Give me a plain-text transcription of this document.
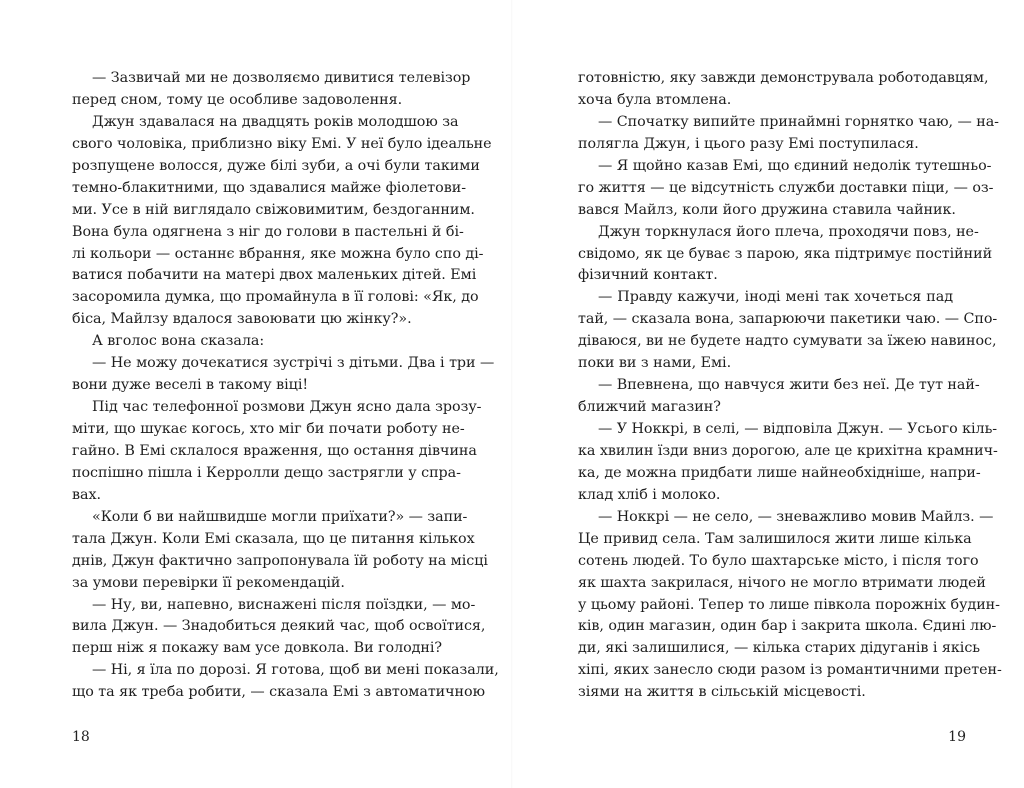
— Зазвичай ми не дозволяємо дивитися телевізор
перед сном, тому це особливе задоволення.
Джун здавалася на двадцять років молодшою за
свого чоловіка, приблизно віку Емі. У неї було ідеальне
розпущене волосся, дуже білі зуби, а очі були такими
темно-блакитними, що здавалися майже фіолетови-
ми. Усе в ній виглядало свіжовимитим, бездоганним.
Вона була одягнена з ніг до голови в пастельні й бі-
лі кольори — останнє вбрання, яке можна було спо ді-
ватися побачити на матері двох маленьких дітей. Емі
засоромила думка, що промайнула в її голові: «Як, до
біса, Майлзу вдалося завоювати цю жінку?».
А вголос вона сказала:
— Не можу дочекатися зустрічі з дітьми. Два і три —
вони дуже веселі в такому віці!
Під час телефонної розмови Джун ясно дала зрозу-
міти, що шукає когось, хто міг би почати роботу не-
гайно. В Емі склалося враження, що остання дівчина
поспішно пішла і Керролли дещо застрягли у спра-
вах.
«Коли б ви найшвидше могли приїхати?» — запи-
тала Джун. Коли Емі сказала, що це питання кількох
днів, Джун фактично запропонувала їй роботу на місці
за умови перевірки її рекомендацій.
— Ну, ви, напевно, виснажені після поїздки, — мо-
вила Джун. — Знадобиться деякий час, щоб освоїтися,
перш ніж я покажу вам усе довкола. Ви голодні?
— Ні, я їла по дорозі. Я готова, щоб ви мені показали,
що та як треба робити, — сказала Емі з автоматичною
18
готовністю, яку завжди демонструвала роботодавцям,
хоча була втомлена.
— Спочатку випийте принаймні горнятко чаю, — на-
полягла Джун, і цього разу Емі поступилася.
— Я щойно казав Емі, що єдиний недолік тутешньо-
го життя — це відсутність служби доставки піци, — оз-
вався Майлз, коли його дружина ставила чайник.
Джун торкнулася його плеча, проходячи повз, не-
свідомо, як це буває з парою, яка підтримує постійний
фізичний контакт.
— Правду кажучи, іноді мені так хочеться пад
тай, — сказала вона, запарюючи пакетики чаю. — Спо-
діваюся, ви не будете надто сумувати за їжею навинос,
поки ви з нами, Емі.
— Впевнена, що навчуся жити без неї. Де тут най-
ближчий магазин?
— У Ноккрі, в селі, — відповіла Джун. — Усього кіль-
ка хвилин їзди вниз дорогою, але це крихітна крамнич-
ка, де можна придбати лише найнеобхідніше, напри-
клад хліб і молоко.
— Ноккрі — не село, — зневажливо мовив Майлз. —
Це привид села. Там залишилося жити лише кілька
сотень людей. То було шахтарське місто, і після того
як шахта закрилася, нічого не могло втримати людей
у цьому районі. Тепер то лише півкола порожніх будин-
ків, один магазин, один бар і закрита школа. Єдині лю-
ди, які залишилися, — кілька старих дідуганів і якісь
хіпі, яких занесло сюди разом із романтичними претен-
зіями на життя в сільській місцевості.
19
